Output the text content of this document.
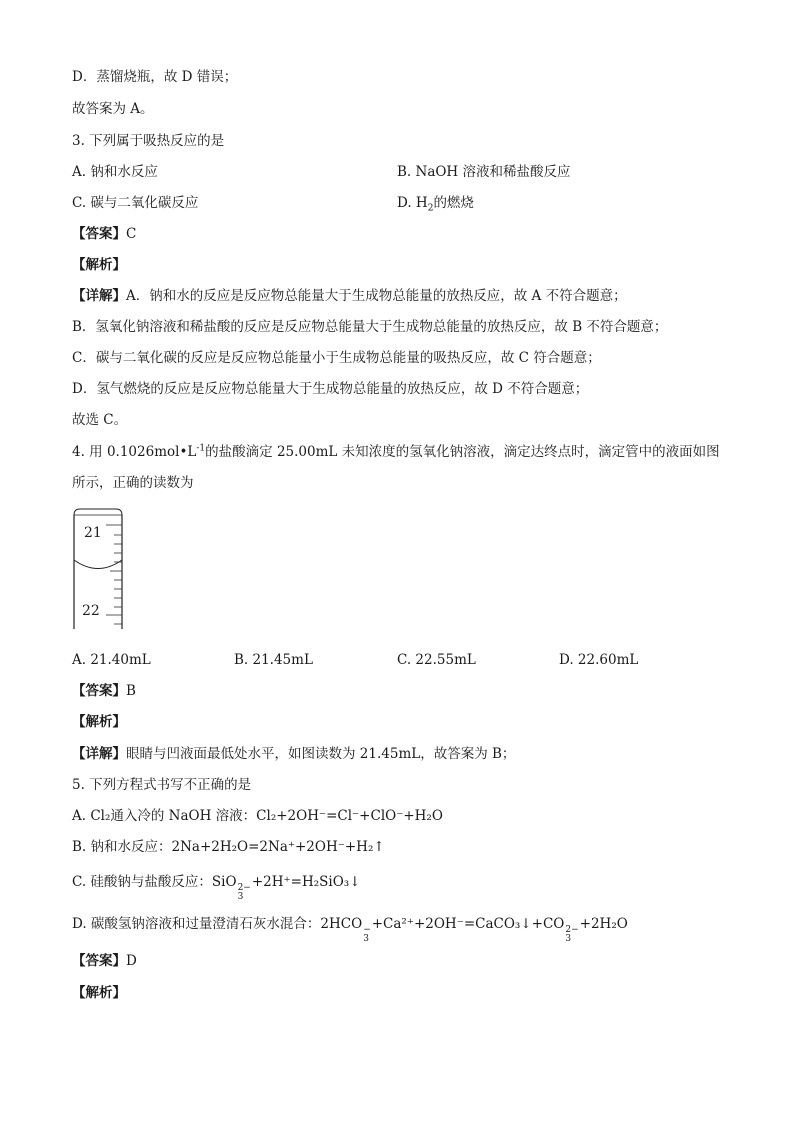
D．蒸馏烧瓶，故 D 错误；
故答案为 A。
3. 下列属于吸热反应的是
A. 钠和水反应	B. NaOH 溶液和稀盐酸反应
C. 碳与二氧化碳反应	D. $H_2$的燃烧
【答案】C
【解析】
【详解】A．钠和水的反应是反应物总能量大于生成物总能量的放热反应，故 A 不符合题意；
B．氢氧化钠溶液和稀盐酸的反应是反应物总能量大于生成物总能量的放热反应，故 B 不符合题意；
C．碳与二氧化碳的反应是反应物总能量小于生成物总能量的吸热反应，故 C 符合题意；
D．氢气燃烧的反应是反应物总能量大于生成物总能量的放热反应，故 D 不符合题意；
故选 C。
4. 用 $0.1026mol•L^{-1}$的盐酸滴定 25.00mL 未知浓度的氢氧化钠溶液，滴定达终点时，滴定管中的液面如图
所示，正确的读数为
21
22
A. 21.40mL	B. 21.45mL	C. 22.55mL	D. 22.60mL
【答案】B
【解析】
【详解】眼睛与凹液面最低处水平，如图读数为 21.45mL，故答案为 B；
5. 下列方程式书写不正确的是
A. Cl₂通入冷的 NaOH 溶液：Cl₂+2OH⁻=Cl⁻+ClO⁻+H₂O
B. 钠和水反应：2Na+2H₂O=2Na⁺+2OH⁻+H₂↑
C. 硅酸钠与盐酸反应：SiO 2−
3
+2H⁺=H₂SiO₃↓
D. 碳酸氢钠溶液和过量澄清石灰水混合：2HCO −
3
+Ca²⁺+2OH⁻=CaCO₃↓+CO 2−
3
+2H₂O
【答案】D
【解析】
